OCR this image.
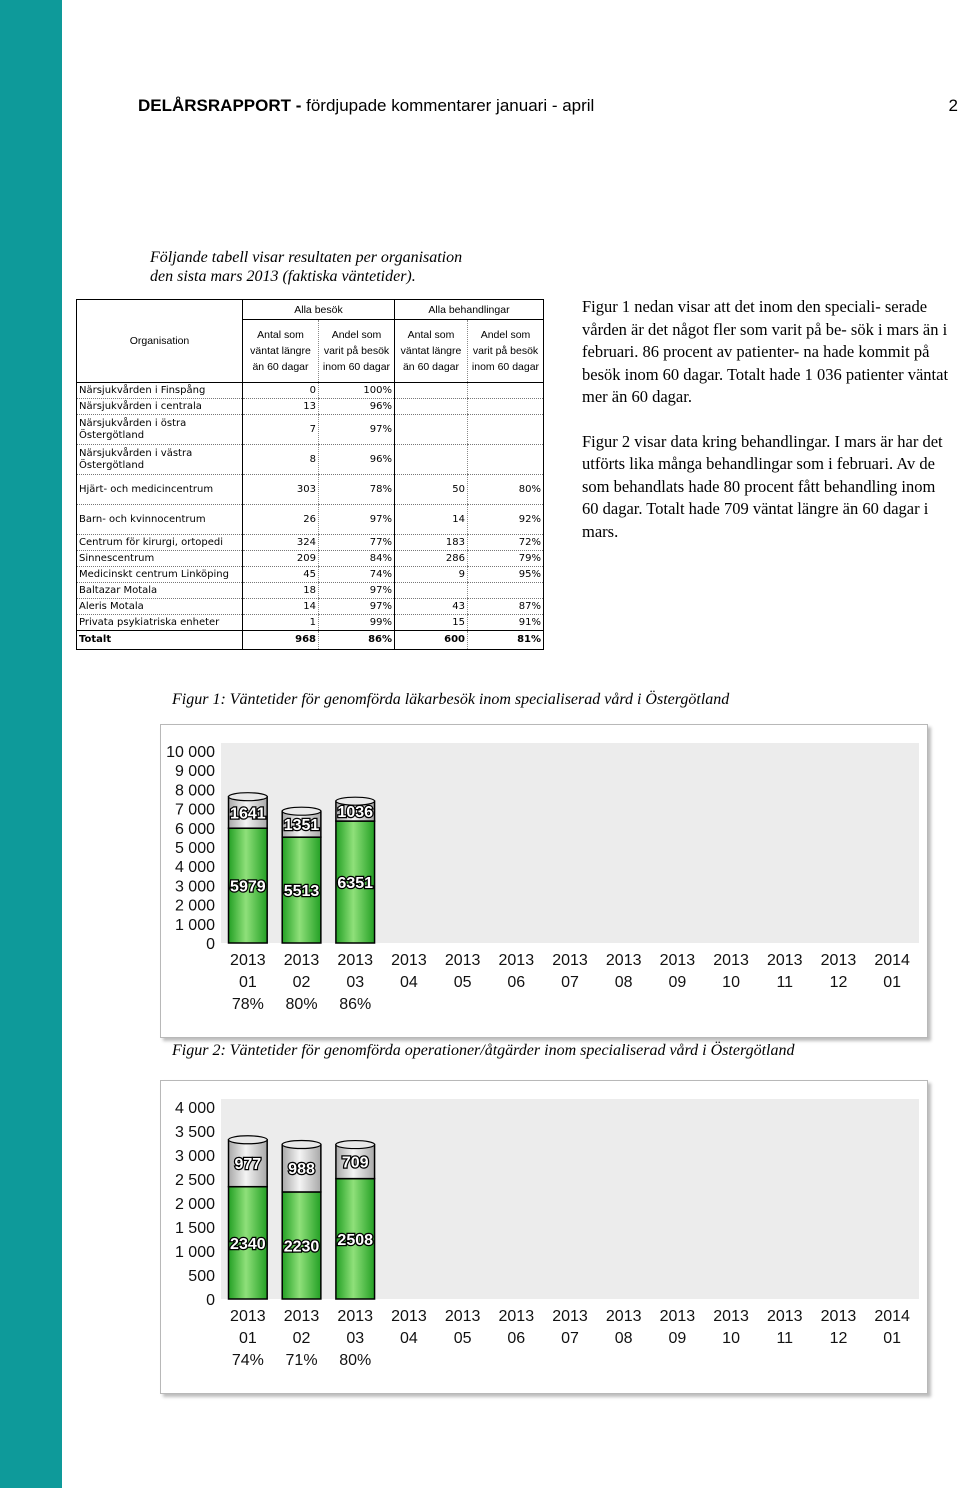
DELÅRSRAPPORT - fördjupade kommentarer januari - april	2
Följande tabell visar resultaten per organisation
den sista mars 2013 (faktiska väntetider).
Organisation	Alla besök		Alla behandlingar	
	Antal som
väntat längre
än 60 dagar	Andel som
varit på besök
inom 60 dagar	Antal som
väntat längre
än 60 dagar	Andel som
varit på besök
inom 60 dagar
Närsjukvården i Finspång	0	100%		
Närsjukvården i centrala	13	96%		
Närsjukvården i östra
Östergötland	7	97%		
Närsjukvården i västra
Östergötland	8	96%		
Hjärt- och medicincentrum	303	78%	50	80%
Barn- och kvinnocentrum	26	97%	14	92%
Centrum för kirurgi, ortopedi	324	77%	183	72%
Sinnescentrum	209	84%	286	79%
Medicinskt centrum Linköping	45	74%	9	95%
Baltazar Motala	18	97%		
Aleris Motala	14	97%	43	87%
Privata psykiatriska enheter	1	99%	15	91%
Totalt	968	86%	600	81%

Figur 1 nedan visar att det inom den speciali- serade vården är det något fler som varit på be- sök i mars än i februari. 86 procent av patienter- na hade kommit på besök inom 60 dagar. Totalt hade 1 036 patienter väntat mer än 60 dagar.

Figur 2 visar data kring behandlingar. I mars är har det utförts lika många behandlingar som i februari. Av de som behandlats hade 80 procent fått behandling inom 60 dagar. Totalt hade 709 väntat längre än 60 dagar i mars.

Figur 1: Väntetider för genomförda läkarbesök inom specialiserad vård i Östergötland
0
1 000
2 000
3 000
4 000
5 000
6 000
7 000
8 000
9 000
10 000
2013
01
78%
5979
1641
2013
02
80%
5513
1351
2013
03
86%
6351
1036
2013
04
2013
05
2013
06
2013
07
2013
08
2013
09
2013
10
2013
11
2013
12
2014
01
Figur 2: Väntetider för genomförda operationer/åtgärder inom specialiserad vård i Östergötland
0
500
1 000
1 500
2 000
2 500
3 000
3 500
4 000
2013
01
74%
2340
977
2013
02
71%
2230
988
2013
03
80%
2508
709
2013
04
2013
05
2013
06
2013
07
2013
08
2013
09
2013
10
2013
11
2013
12
2014
01
